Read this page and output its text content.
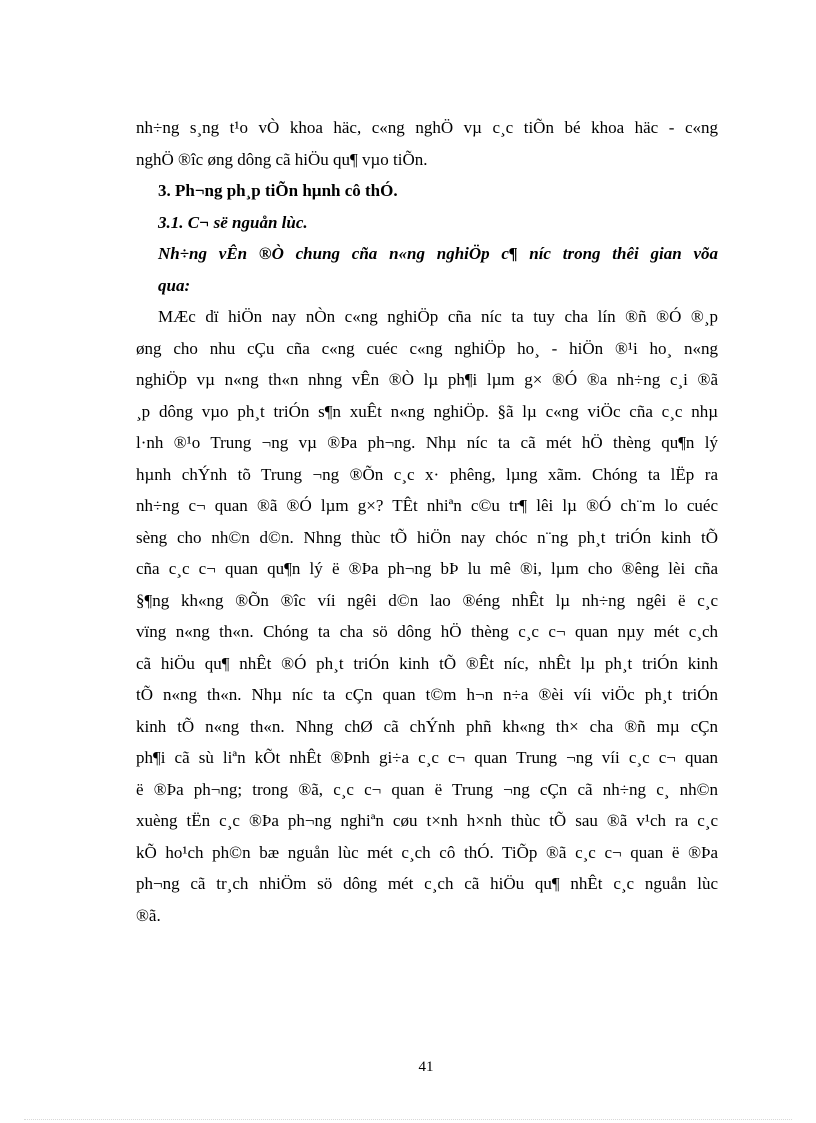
nh÷ng s¸ng t¹o vÒ khoa häc, c«ng nghÖ vµ c¸c tiÕn bé khoa häc - c«ng
nghÖ ®îc øng dông cã hiÖu qu¶ vµo tiÕn.
3. Ph¬ng ph¸p tiÕn hµnh cô thÓ.
3.1. C¬ së nguån lùc.
Nh÷ng vÊn ®Ò chung cña n«ng nghiÖp c¶ níc trong thêi gian võa
qua:
MÆc dï hiÖn nay nÒn c«ng nghiÖp cña níc ta tuy cha lín ®ñ ®Ó ®¸p
øng cho nhu cÇu cña c«ng cuéc c«ng nghiÖp ho¸ - hiÖn ®¹i ho¸ n«ng
nghiÖp vµ n«ng th«n nhng vÊn ®Ò lµ ph¶i lµm g× ®Ó ®a nh÷ng c¸i ®ã
¸p dông vµo ph¸t triÓn s¶n xuÊt n«ng nghiÖp. §ã lµ c«ng viÖc cña c¸c nhµ
l·nh ®¹o Trung ¬ng vµ ®Þa ph¬ng. Nhµ níc ta cã mét hÖ thèng qu¶n lý
hµnh chÝnh tõ Trung ¬ng ®Õn c¸c x· phêng, lµng xãm. Chóng ta lËp ra
nh÷ng c¬ quan ®ã ®Ó lµm g×? TÊt nhiªn c©u tr¶ lêi lµ ®Ó ch¨m lo cuéc
sèng cho nh©n d©n. Nhng thùc tÕ hiÖn nay chóc n¨ng ph¸t triÓn kinh tÕ
cña c¸c c¬ quan qu¶n lý ë ®Þa ph¬ng bÞ lu mê ®i, lµm cho ®êng lèi cña
§¶ng kh«ng ®Õn ®îc víi ngêi d©n lao ®éng nhÊt lµ nh÷ng ngêi ë c¸c
vïng n«ng th«n. Chóng ta cha sö dông hÖ thèng c¸c c¬ quan nµy mét c¸ch
cã hiÖu qu¶ nhÊt ®Ó ph¸t triÓn kinh tÕ ®Êt níc, nhÊt lµ ph¸t triÓn kinh
tÕ n«ng th«n. Nhµ níc ta cÇn quan t©m h¬n n÷a ®èi víi viÖc ph¸t triÓn
kinh tÕ n«ng th«n. Nhng chØ cã chÝnh phñ kh«ng th× cha ®ñ mµ cÇn
ph¶i cã sù liªn kÕt nhÊt ®Þnh gi÷a c¸c c¬ quan Trung ¬ng víi c¸c c¬ quan
ë ®Þa ph¬ng; trong ®ã, c¸c c¬ quan ë Trung ¬ng cÇn cã nh÷ng c¸ nh©n
xuèng tËn c¸c ®Þa ph¬ng nghiªn cøu t×nh h×nh thùc tÕ sau ®ã v¹ch ra c¸c
kÕ ho¹ch ph©n bæ nguån lùc mét c¸ch cô thÓ. TiÕp ®ã c¸c c¬ quan ë ®Þa
ph¬ng cã tr¸ch nhiÖm sö dông mét c¸ch cã hiÖu qu¶ nhÊt c¸c nguån lùc
®ã.
41
